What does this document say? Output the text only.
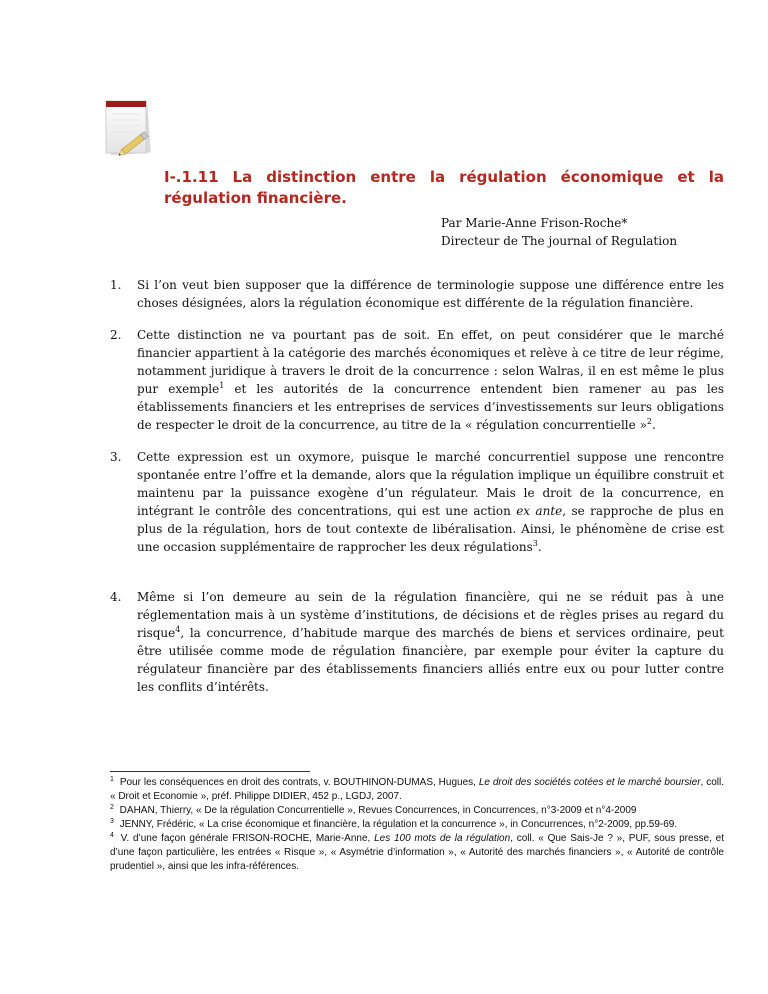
I-.1.11 La distinction entre la régulation économique et la régulation financière.
Par Marie-Anne Frison-Roche*
Directeur de The journal of Regulation
1. Si l’on veut bien supposer que la différence de terminologie suppose une différence entre les choses désignées, alors la régulation économique est différente de la régulation financière.

2. Cette distinction ne va pourtant pas de soit. En effet, on peut considérer que le marché financier appartient à la catégorie des marchés économiques et relève à ce titre de leur régime, notamment juridique à travers le droit de la concurrence : selon Walras, il en est même le plus pur exemple$^1$ et les autorités de la concurrence entendent bien ramener au pas les établissements financiers et les entreprises de services d’investissements sur leurs obligations de respecter le droit de la concurrence, au titre de la « régulation concurrentielle »$^2$.

3. Cette expression est un oxymore, puisque le marché concurrentiel suppose une rencontre spontanée entre l’offre et la demande, alors que la régulation implique un équilibre construit et maintenu par la puissance exogène d’un régulateur. Mais le droit de la concurrence, en intégrant le contrôle des concentrations, qui est une action ex ante, se rapproche de plus en plus de la régulation, hors de tout contexte de libéralisation. Ainsi, le phénomène de crise est une occasion supplémentaire de rapprocher les deux régulations$^3$.

4. Même si l’on demeure au sein de la régulation financière, qui ne se réduit pas à une réglementation mais à un système d’institutions, de décisions et de règles prises au regard du risque$^4$, la concurrence, d’habitude marque des marchés de biens et services ordinaire, peut être utilisée comme mode de régulation financière, par exemple pour éviter la capture du régulateur financière par des établissements financiers alliés entre eux ou pour lutter contre les conflits d’intérêts.

$^1$ Pour les conséquences en droit des contrats, v. BOUTHINON-DUMAS, Hugues, Le droit des sociétés cotées et le marché boursier, coll. « Droit et Economie », préf. Philippe DIDIER, 452 p., LGDJ, 2007.

$^2$ DAHAN, Thierry, « De la régulation Concurrentielle », Revues Concurrences, in Concurrences, n°3-2009 et n°4-2009

$^3$ JENNY, Frédéric, « La crise économique et financière, la régulation et la concurrence », in Concurrences, n°2-2009, pp.59-69.

$^4$ V. d’une façon générale FRISON-ROCHE, Marie-Anne, Les 100 mots de la régulation, coll. « Que Sais-Je ? », PUF, sous presse, et d’une façon particulière, les entrées « Risque », « Asymétrie d’information », « Autorité des marchés financiers », « Autorité de contrôle prudentiel », ainsi que les infra-références.
